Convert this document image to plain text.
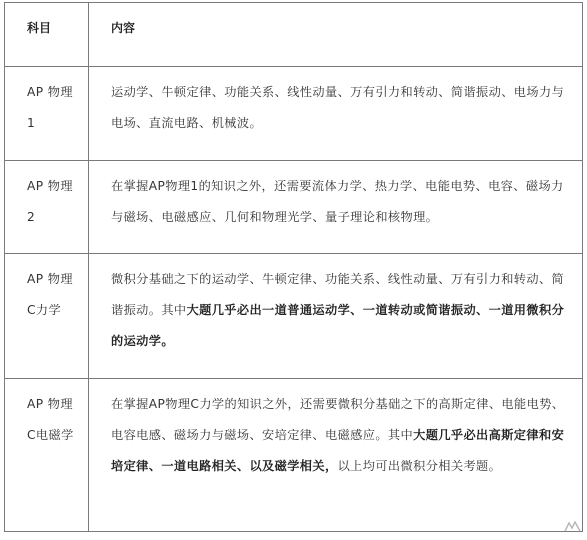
科目	内容

AP 物理1	运动学、牛顿定律、功能关系、线性动量、万有引力和转动、简谐振动、电场力与电场、直流电路、机械波。

AP 物理2	在掌握AP物理1的知识之外，还需要流体力学、热力学、电能电势、电容、磁场力与磁场、电磁感应、几何和物理光学、量子理论和核物理。

AP 物理C力学	微积分基础之下的运动学、牛顿定律、功能关系、线性动量、万有引力和转动、简谐振动。其中大题几乎必出一道普通运动学、一道转动或简谐振动、一道用微积分的运动学。

AP 物理C电磁学	在掌握AP物理C力学的知识之外，还需要微积分基础之下的高斯定律、电能电势、电容电感、磁场力与磁场、安培定律、电磁感应。其中大题几乎必出高斯定律和安培定律、一道电路相关、以及磁学相关，以上均可出微积分相关考题。
